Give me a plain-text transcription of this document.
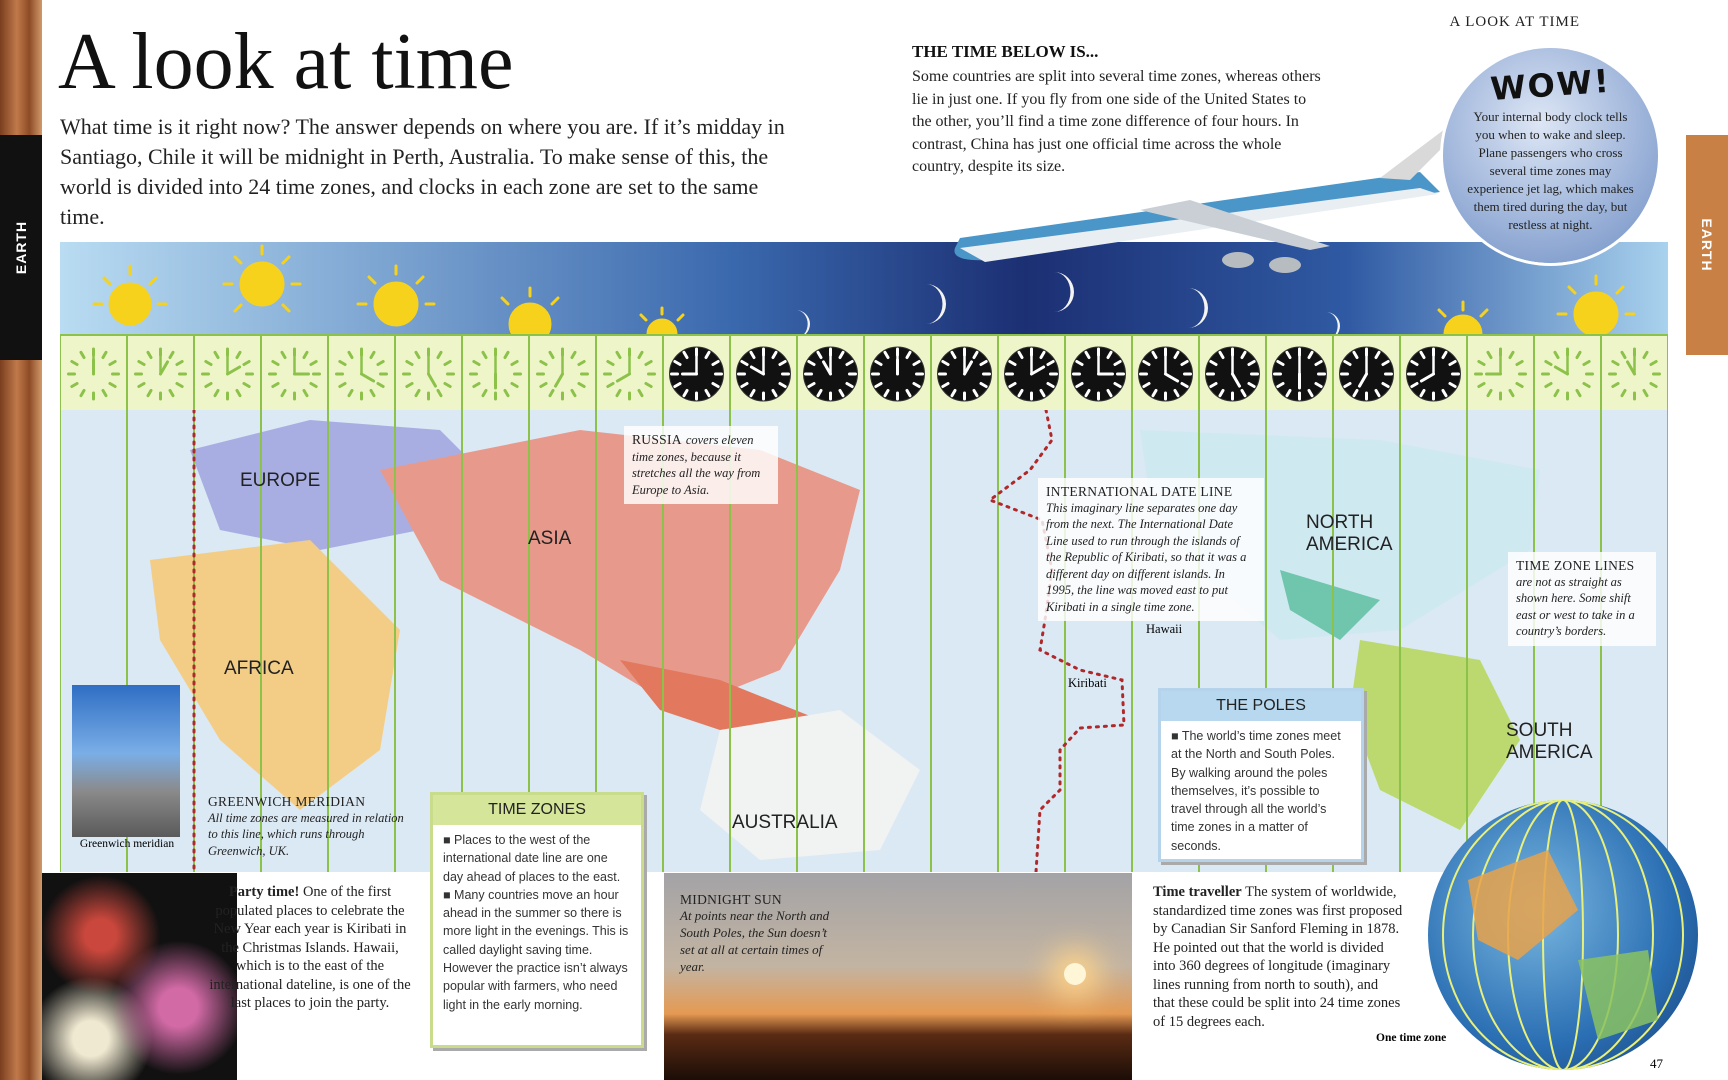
EARTH	EARTH
A LOOK AT TIME
A look at time
What time is it right now? The answer depends on where you are. If it’s midday in Santiago, Chile it will be midnight in Perth, Australia. To make sense of this, the world is divided into 24 time zones, and clocks in each zone are set to the same time.
THE TIME BELOW IS...
Some countries are split into several time zones, whereas others lie in just one. If you fly from one side of the United States to the other, you’ll find a time zone difference of four hours. In contrast, China has just one official time across the whole country, despite its size.
WOW!
Your internal body clock tells you when to wake and sleep. Plane passengers who cross several time zones may experience jet lag, which makes them tired during the day, but restless at night.
EUROPE
ASIA
AFRICA
AUSTRALIA
NORTH AMERICA
SOUTH AMERICA
RUSSIA covers eleven time zones, because it stretches all the way from Europe to Asia.	INTERNATIONAL DATE LINE
This imaginary line separates one day from the next. The International Date Line used to run through the islands of the Republic of Kiribati, so that it was a different day on different islands. In 1995, the line was moved east to put Kiribati in a single time zone.
TIME ZONE LINES
are not as straight as shown here. Some shift east or west to take in a country’s borders.
GREENWICH MERIDIAN
All time zones are measured in relation to this line, which runs through Greenwich, UK.
Hawaii
Kiribati
Greenwich meridian
TIME ZONES
■ Places to the west of the international date line are one day ahead of places to the east.
■ Many countries move an hour ahead in the summer so there is more light in the evenings. This is called daylight saving time. However the practice isn’t always popular with farmers, who need light in the early morning.
THE POLES
■ The world’s time zones meet at the North and South Poles. By walking around the poles themselves, it’s possible to travel through all the world’s time zones in a matter of seconds.
Party time! One of the first populated places to celebrate the New Year each year is Kiribati in the Christmas Islands. Hawaii, which is to the east of the international dateline, is one of the last places to join the party.
MIDNIGHT SUN
At points near the North and South Poles, the Sun doesn’t set at all at certain times of year.
Time traveller The system of worldwide, standardized time zones was first proposed by Canadian Sir Sanford Fleming in 1878. He pointed out that the world is divided into 360 degrees of longitude (imaginary lines running from north to south), and that these could be split into 24 time zones of 15 degrees each.
One time zone
47
